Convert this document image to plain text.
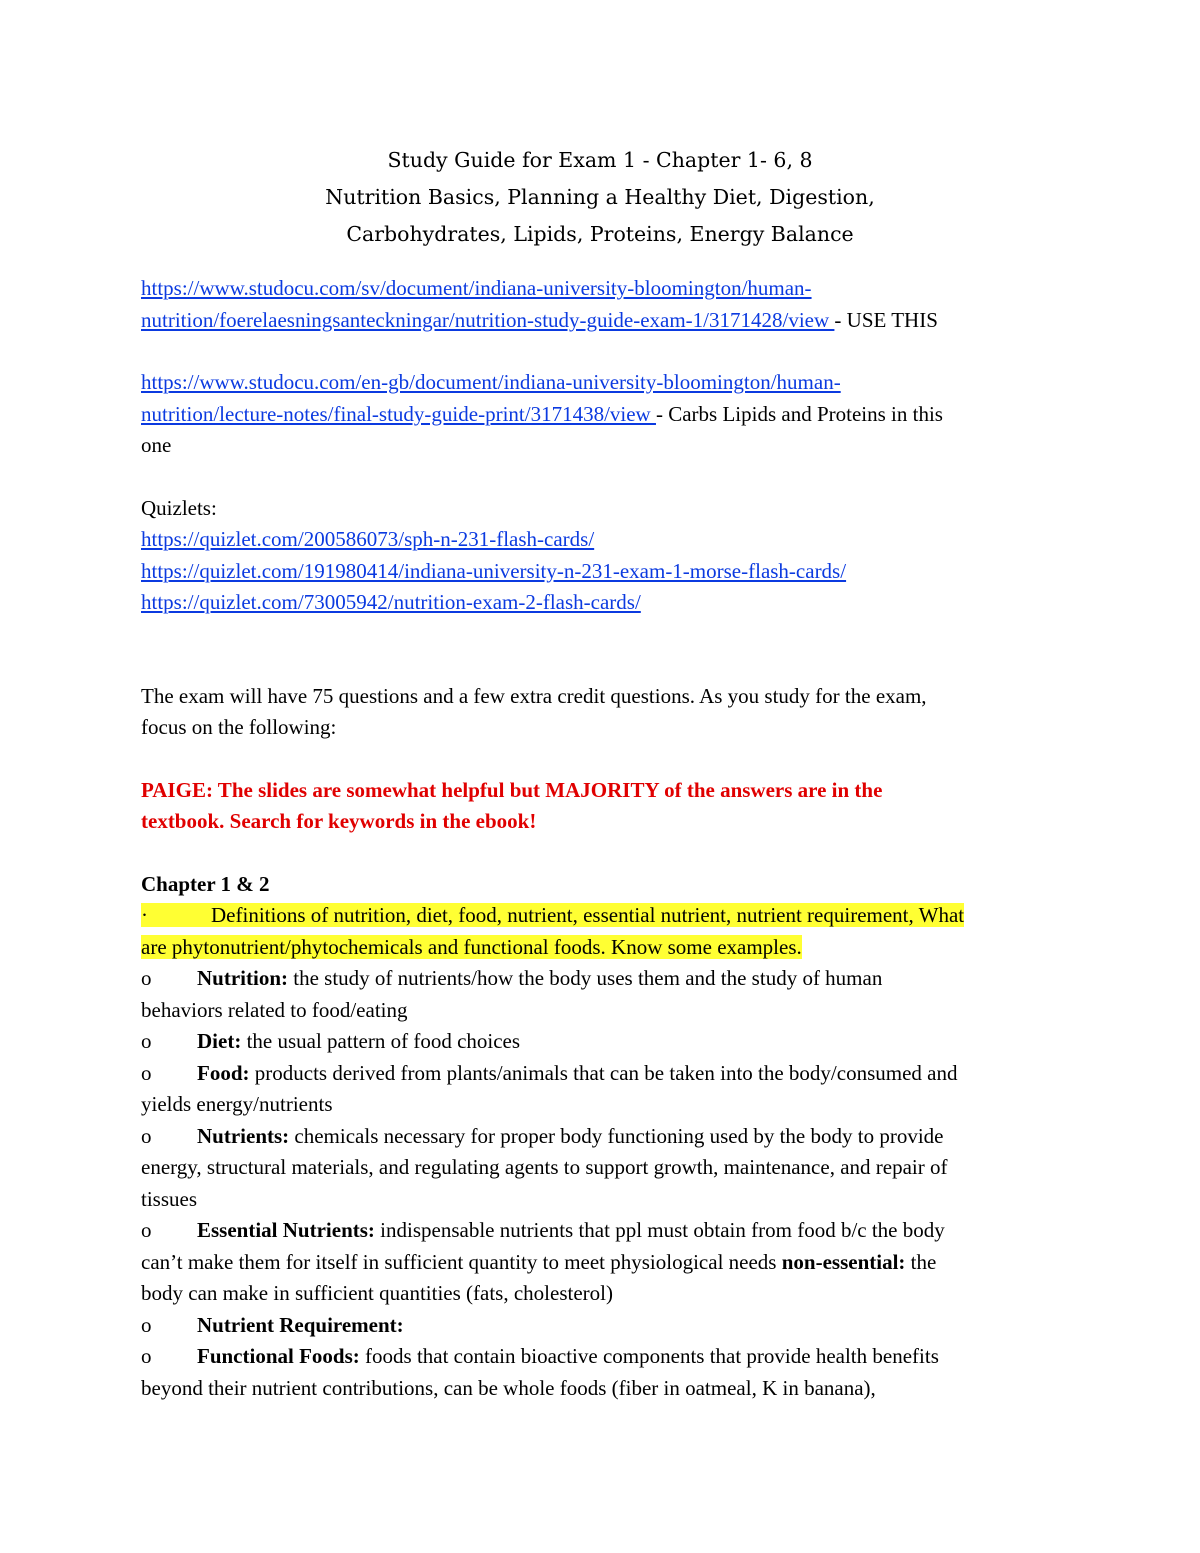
Study Guide for Exam 1 - Chapter 1- 6, 8

Nutrition Basics, Planning a Healthy Diet, Digestion,

Carbohydrates, Lipids, Proteins, Energy Balance

https://www.studocu.com/sv/document/indiana-university-bloomington/human-

nutrition/foerelaesningsanteckningar/nutrition-study-guide-exam-1/3171428/view - USE THIS

https://www.studocu.com/en-gb/document/indiana-university-bloomington/human-

nutrition/lecture-notes/final-study-guide-print/3171438/view - Carbs Lipids and Proteins in this

one

Quizlets:

https://quizlet.com/200586073/sph-n-231-flash-cards/

https://quizlet.com/191980414/indiana-university-n-231-exam-1-morse-flash-cards/

https://quizlet.com/73005942/nutrition-exam-2-flash-cards/

The exam will have 75 questions and a few extra credit questions. As you study for the exam,

focus on the following:

PAIGE: The slides are somewhat helpful but MAJORITY of the answers are in the

textbook. Search for keywords in the ebook!

Chapter 1 & 2

·	Definitions of nutrition, diet, food, nutrient, essential nutrient, nutrient requirement, What

are phytonutrient/phytochemicals and functional foods. Know some examples.

o Nutrition: the study of nutrients/how the body uses them and the study of human

behaviors related to food/eating

o Diet: the usual pattern of food choices

o Food: products derived from plants/animals that can be taken into the body/consumed and

yields energy/nutrients

o Nutrients: chemicals necessary for proper body functioning used by the body to provide

energy, structural materials, and regulating agents to support growth, maintenance, and repair of

tissues

o Essential Nutrients: indispensable nutrients that ppl must obtain from food b/c the body

can’t make them for itself in sufficient quantity to meet physiological needs non-essential: the

body can make in sufficient quantities (fats, cholesterol)

o Nutrient Requirement:

o Functional Foods: foods that contain bioactive components that provide health benefits

beyond their nutrient contributions, can be whole foods (fiber in oatmeal, K in banana),
